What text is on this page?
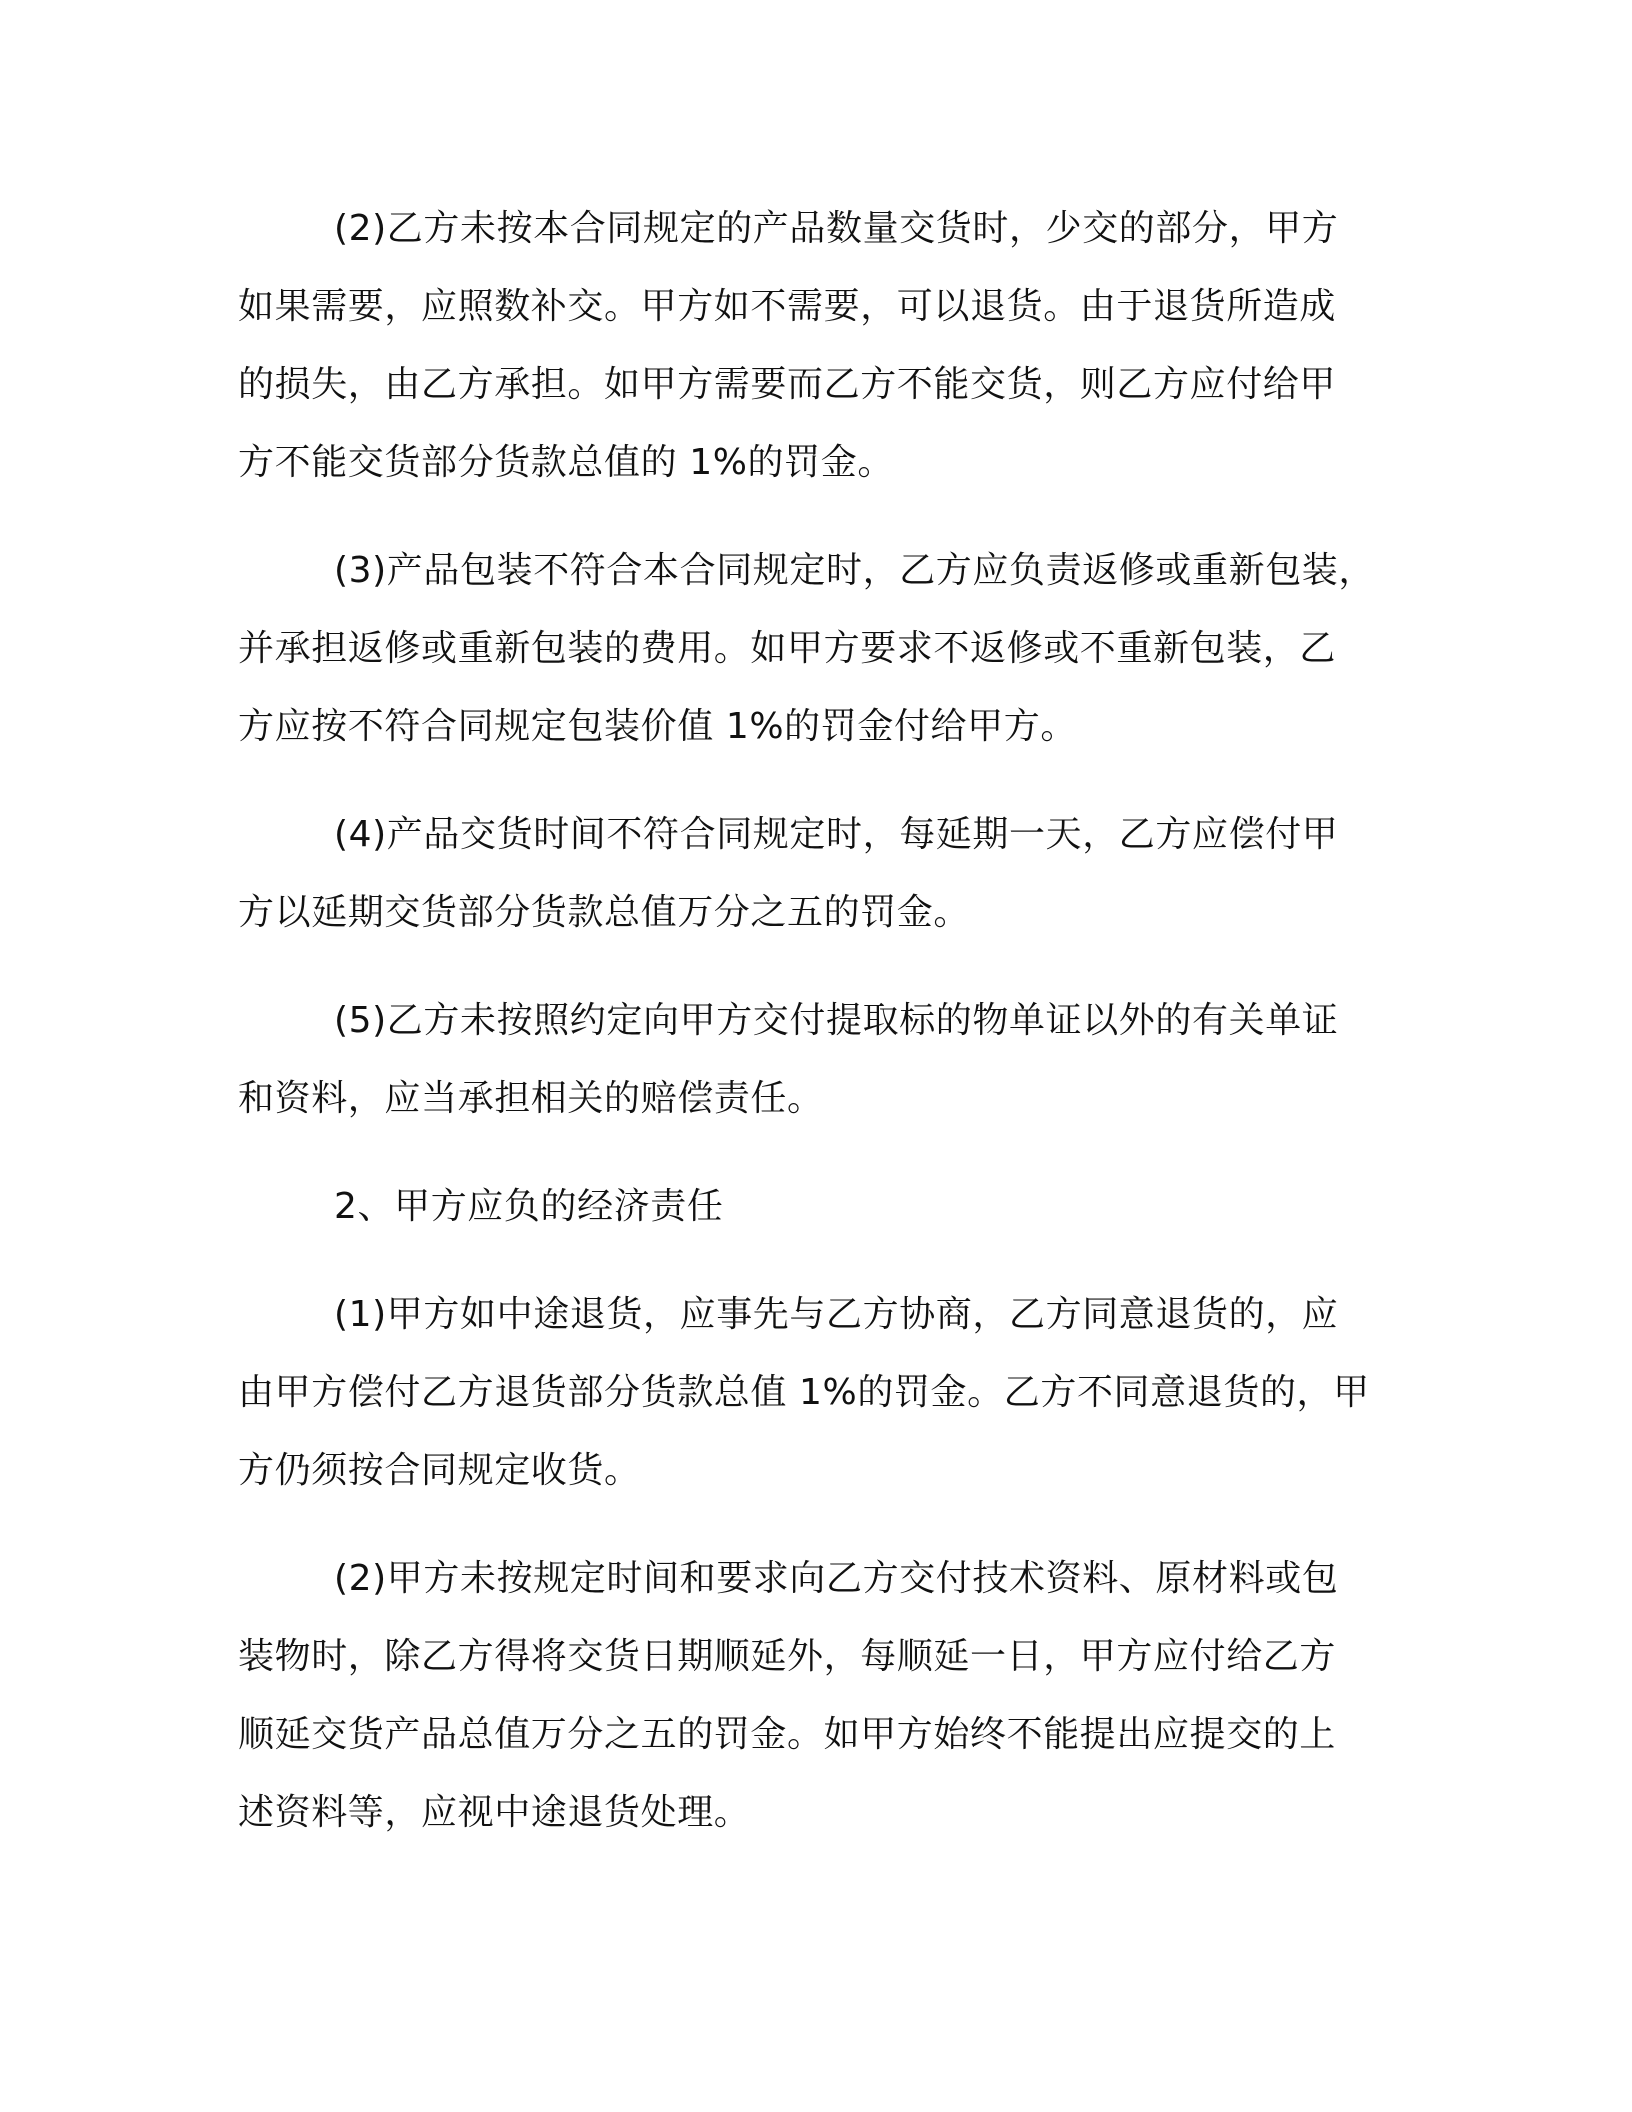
(2)乙方未按本合同规定的产品数量交货时，少交的部分，甲方
如果需要，应照数补交。甲方如不需要，可以退货。由于退货所造成
的损失，由乙方承担。如甲方需要而乙方不能交货，则乙方应付给甲
方不能交货部分货款总值的 1%的罚金。
(3)产品包装不符合本合同规定时，乙方应负责返修或重新包装，
并承担返修或重新包装的费用。如甲方要求不返修或不重新包装，乙
方应按不符合同规定包装价值 1%的罚金付给甲方。
(4)产品交货时间不符合同规定时，每延期一天，乙方应偿付甲
方以延期交货部分货款总值万分之五的罚金。
(5)乙方未按照约定向甲方交付提取标的物单证以外的有关单证
和资料，应当承担相关的赔偿责任。
2、甲方应负的经济责任
(1)甲方如中途退货，应事先与乙方协商，乙方同意退货的，应
由甲方偿付乙方退货部分货款总值 1%的罚金。乙方不同意退货的，甲
方仍须按合同规定收货。
(2)甲方未按规定时间和要求向乙方交付技术资料、原材料或包
装物时，除乙方得将交货日期顺延外，每顺延一日，甲方应付给乙方
顺延交货产品总值万分之五的罚金。如甲方始终不能提出应提交的上
述资料等，应视中途退货处理。
